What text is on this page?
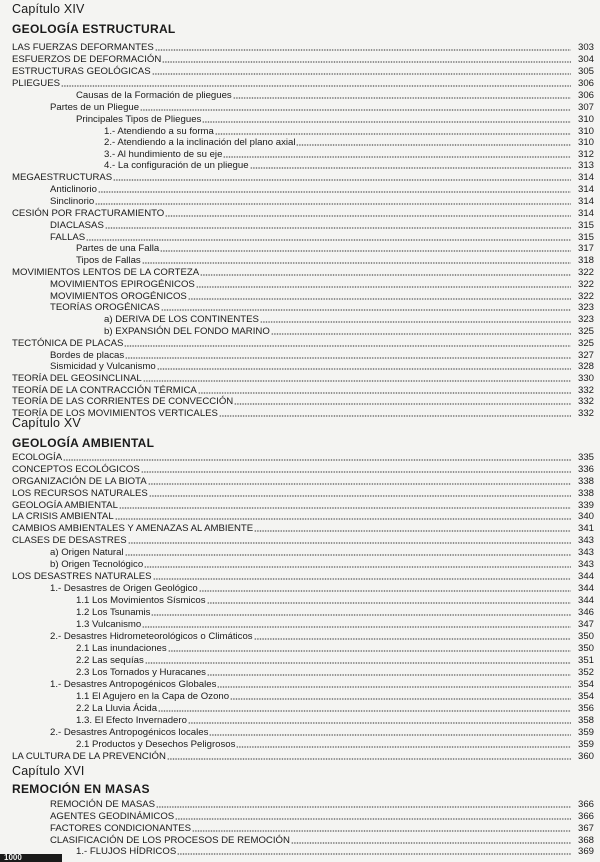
Capítulo XIV
GEOLOGÍA ESTRUCTURAL
Capítulo XV
GEOLOGÍA AMBIENTAL
Capítulo XVI
REMOCIÓN EN MASAS
LAS FUERZAS DEFORMANTES	303
ESFUERZOS DE DEFORMACIÓN	304
ESTRUCTURAS GEOLÓGICAS	305
PLIEGUES	306
Causas de la Formación de pliegues	306
Partes de un Pliegue	307
Principales Tipos de Pliegues	310
1.- Atendiendo a su forma	310
2.- Atendiendo a la inclinación del plano axial	310
3.- Al hundimiento de su eje	312
4.- La configuración de un pliegue	313
MEGAESTRUCTURAS	314
Anticlinorio	314
Sinclinorio	314
CESIÓN POR FRACTURAMIENTO	314
DIACLASAS	315
FALLAS	315
Partes de una Falla	317
Tipos de Fallas	318
MOVIMIENTOS LENTOS DE LA CORTEZA	322
MOVIMIENTOS EPIROGÉNICOS	322
MOVIMIENTOS OROGÉNICOS	322
TEORÍAS OROGÉNICAS	323
a) DERIVA DE LOS CONTINENTES	323
b) EXPANSIÓN DEL FONDO MARINO	325
TECTÓNICA DE PLACAS	325
Bordes de placas	327
Sismicidad y Vulcanismo	328
TEORÍA DEL GEOSINCLINAL	330
TEORÍA DE LA CONTRACCIÓN TÉRMICA	332
TEORÍA DE LAS CORRIENTES DE CONVECCIÓN	332
TEORÍA DE LOS MOVIMIENTOS VERTICALES	332
ECOLOGÍA	335
CONCEPTOS ECOLÓGICOS	336
ORGANIZACIÓN DE LA BIOTA	338
LOS RECURSOS NATURALES	338
GEOLOGÍA AMBIENTAL	339
LA CRISIS AMBIENTAL	340
CAMBIOS AMBIENTALES Y AMENAZAS AL AMBIENTE	341
CLASES DE DESASTRES	343
a) Origen Natural	343
b) Origen Tecnológico	343
LOS DESASTRES NATURALES	344
1.- Desastres de Origen Geológico	344
1.1 Los Movimientos Sísmicos	344
1.2 Los Tsunamis	346
1.3 Vulcanismo	347
2.- Desastres Hidrometeorológicos o Climáticos	350
2.1 Las inundaciones	350
2.2 Las sequías	351
2.3 Los Tornados y Huracanes	352
1.- Desastres Antropogénicos Globales	354
1.1 El Agujero en la Capa de Ozono	354
2.2 La Lluvia Ácida	356
1.3. El Efecto Invernadero	358
2.- Desastres Antropogénicos locales	359
2.1 Productos y Desechos Peligrosos	359
LA CULTURA DE LA PREVENCIÓN	360
REMOCIÓN DE MASAS	366
AGENTES GEODINÁMICOS	366
FACTORES CONDICIONANTES	367
CLASIFICACIÓN DE LOS PROCESOS DE REMOCIÓN	368
1.- FLUJOS HÍDRICOS	369
1000
